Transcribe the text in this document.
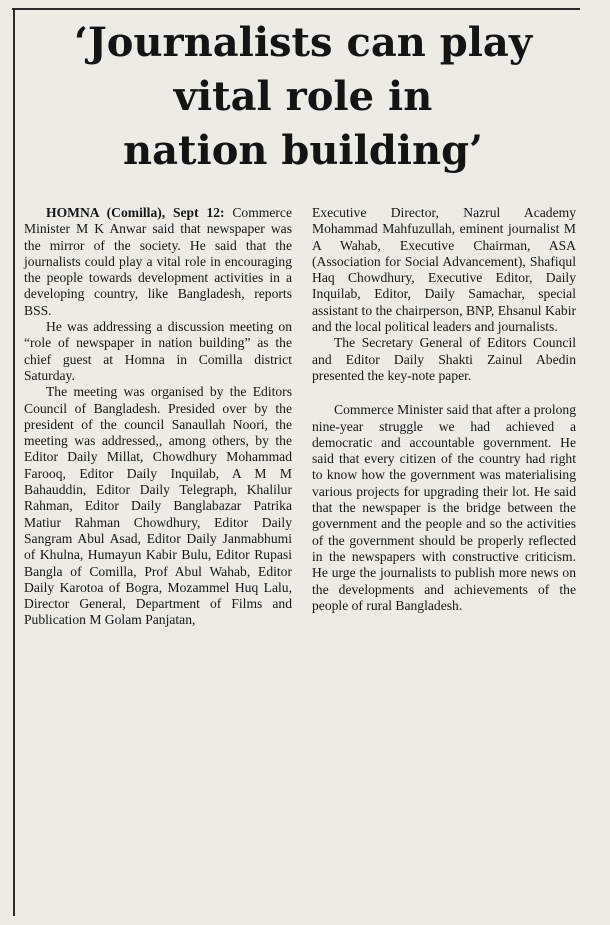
‘Journalists can play
vital role in
nation building’

HOMNA (Comilla), Sept 12: Commerce Minister M K Anwar said that newspaper was the mirror of the society. He said that the journalists could play a vital role in encouraging the people towards development activities in a developing country, like Bangladesh, reports BSS.

He was addressing a discussion meeting on “role of newspaper in nation building” as the chief guest at Homna in Comilla district Saturday.

The meeting was organised by the Editors Council of Bangladesh. Presided over by the president of the council Sanaullah Noori, the meeting was addressed,, among others, by the Editor Daily Millat, Chowdhury Mohammad Farooq, Editor Daily Inquilab, A M M Bahauddin, Editor Daily Telegraph, Khalilur Rahman, Editor Daily Banglabazar Patrika Matiur Rahman Chowdhury, Editor Daily Sangram Abul Asad, Editor Daily Janmabhumi of Khulna, Humayun Kabir Bulu, Editor Rupasi Bangla of Comilla, Prof Abul Wahab, Editor Daily Karotoa of Bogra, Mozammel Huq Lalu, Director General, Department of Films and Publication M Golam Panjatan,

Executive Director, Nazrul Academy Mohammad Mahfuzullah, eminent journalist M A Wahab, Executive Chairman, ASA (Association for Social Advancement), Shafiqul Haq Chowdhury, Executive Editor, Daily Inquilab, Editor, Daily Samachar, special assistant to the chairperson, BNP, Ehsanul Kabir and the local political leaders and journalists.

The Secretary General of Editors Council and Editor Daily Shakti Zainul Abedin presented the key-note paper.

Commerce Minister said that after a prolong nine-year struggle we had achieved a democratic and accountable government. He said that every citizen of the country had right to know how the government was materialising various projects for upgrading their lot. He said that the newspaper is the bridge between the government and the people and so the activities of the government should be properly reflected in the newspapers with constructive criticism. He urge the journalists to publish more news on the developments and achievements of the people of rural Bangladesh.
